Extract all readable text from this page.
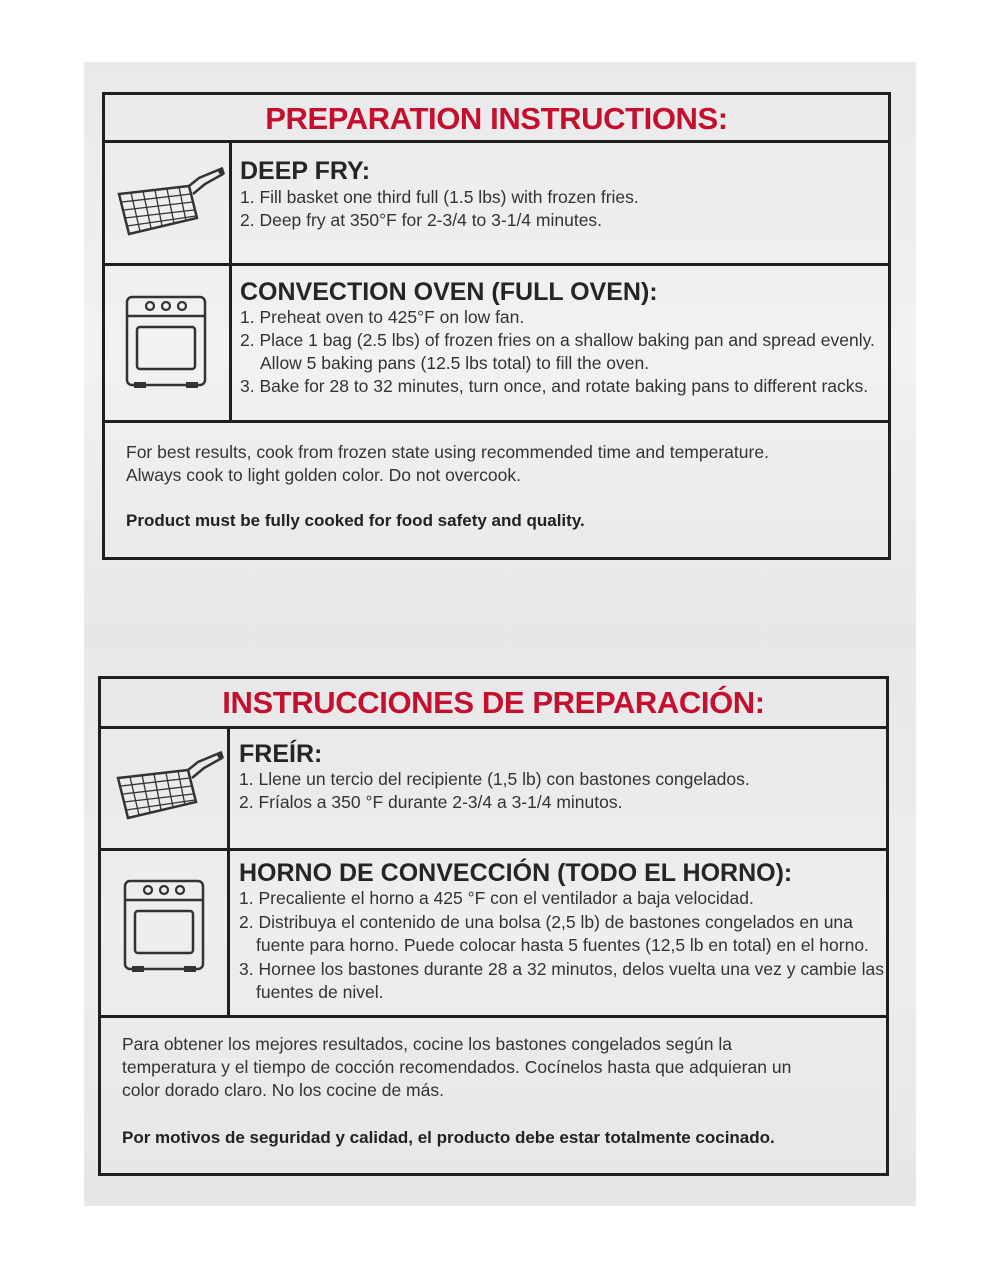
PREPARATION INSTRUCTIONS:
DEEP FRY:
1. Fill basket one third full (1.5 lbs) with frozen fries.
2. Deep fry at 350°F for 2-3/4 to 3-1/4 minutes.
CONVECTION OVEN (FULL OVEN):
1. Preheat oven to 425°F on low fan.
2. Place 1 bag (2.5 lbs) of frozen fries on a shallow baking pan and spread evenly.
Allow 5 baking pans (12.5 lbs total) to fill the oven.
3. Bake for 28 to 32 minutes, turn once, and rotate baking pans to different racks.
For best results, cook from frozen state using recommended time and temperature.
Always cook to light golden color. Do not overcook.
Product must be fully cooked for food safety and quality.
INSTRUCCIONES DE PREPARACIÓN:
FREÍR:
1. Llene un tercio del recipiente (1,5 lb) con bastones congelados.
2. Fríalos a 350 °F durante 2-3/4 a 3-1/4 minutos.
HORNO DE CONVECCIÓN (TODO EL HORNO):
1. Precaliente el horno a 425 °F con el ventilador a baja velocidad.
2. Distribuya el contenido de una bolsa (2,5 lb) de bastones congelados en una
fuente para horno. Puede colocar hasta 5 fuentes (12,5 lb en total) en el horno.
3. Hornee los bastones durante 28 a 32 minutos, delos vuelta una vez y cambie las
fuentes de nivel.
Para obtener los mejores resultados, cocine los bastones congelados según la
temperatura y el tiempo de cocción recomendados. Cocínelos hasta que adquieran un
color dorado claro. No los cocine de más.
Por motivos de seguridad y calidad, el producto debe estar totalmente cocinado.
